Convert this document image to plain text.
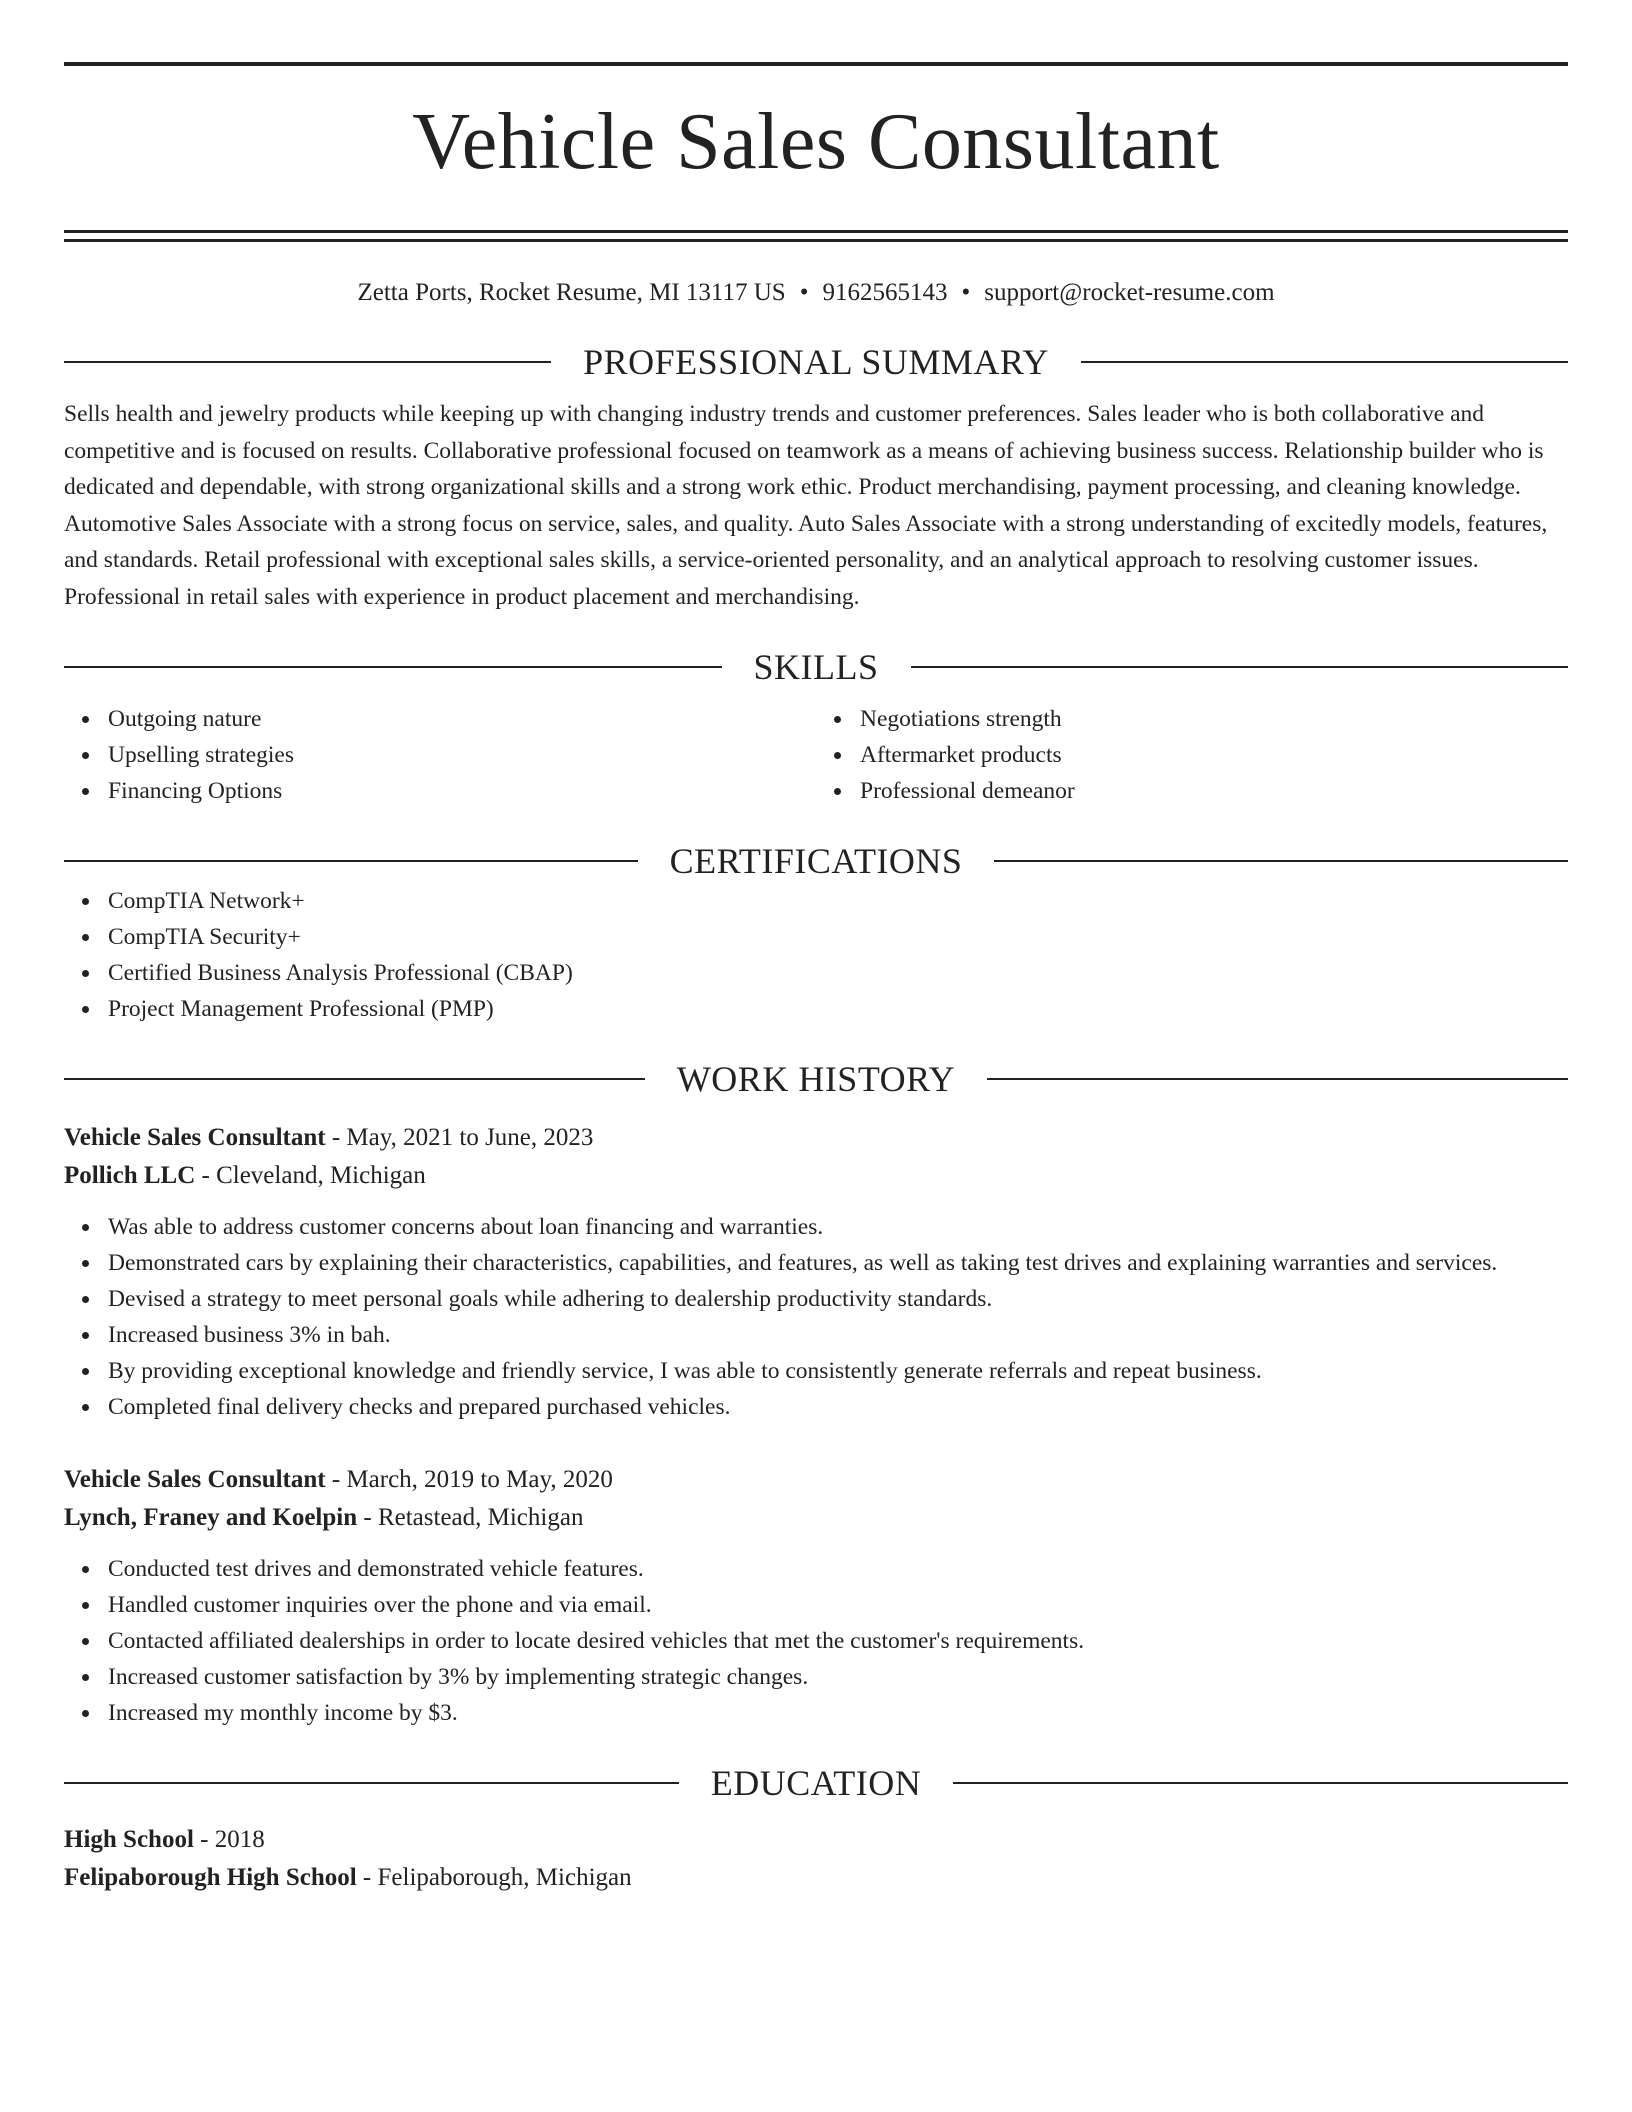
Vehicle Sales Consultant
Zetta Ports, Rocket Resume, MI 13117 US • 9162565143 • support@rocket-resume.com
PROFESSIONAL SUMMARY
Sells health and jewelry products while keeping up with changing industry trends and customer preferences. Sales leader who is both collaborative and competitive and is focused on results. Collaborative professional focused on teamwork as a means of achieving business success. Relationship builder who is dedicated and dependable, with strong organizational skills and a strong work ethic. Product merchandising, payment processing, and cleaning knowledge. Automotive Sales Associate with a strong focus on service, sales, and quality. Auto Sales Associate with a strong understanding of excitedly models, features, and standards. Retail professional with exceptional sales skills, a service-oriented personality, and an analytical approach to resolving customer issues. Professional in retail sales with experience in product placement and merchandising.
SKILLS
Outgoing nature
Upselling strategies
Financing Options
Negotiations strength
Aftermarket products
Professional demeanor
CERTIFICATIONS
CompTIA Network+
CompTIA Security+
Certified Business Analysis Professional (CBAP)
Project Management Professional (PMP)
WORK HISTORY
Vehicle Sales Consultant - May, 2021 to June, 2023
Pollich LLC - Cleveland, Michigan
Was able to address customer concerns about loan financing and warranties.
Demonstrated cars by explaining their characteristics, capabilities, and features, as well as taking test drives and explaining warranties and services.
Devised a strategy to meet personal goals while adhering to dealership productivity standards.
Increased business 3% in bah.
By providing exceptional knowledge and friendly service, I was able to consistently generate referrals and repeat business.
Completed final delivery checks and prepared purchased vehicles.
Vehicle Sales Consultant - March, 2019 to May, 2020
Lynch, Franey and Koelpin - Retastead, Michigan
Conducted test drives and demonstrated vehicle features.
Handled customer inquiries over the phone and via email.
Contacted affiliated dealerships in order to locate desired vehicles that met the customer's requirements.
Increased customer satisfaction by 3% by implementing strategic changes.
Increased my monthly income by $3.
EDUCATION
High School - 2018
Felipaborough High School - Felipaborough, Michigan
